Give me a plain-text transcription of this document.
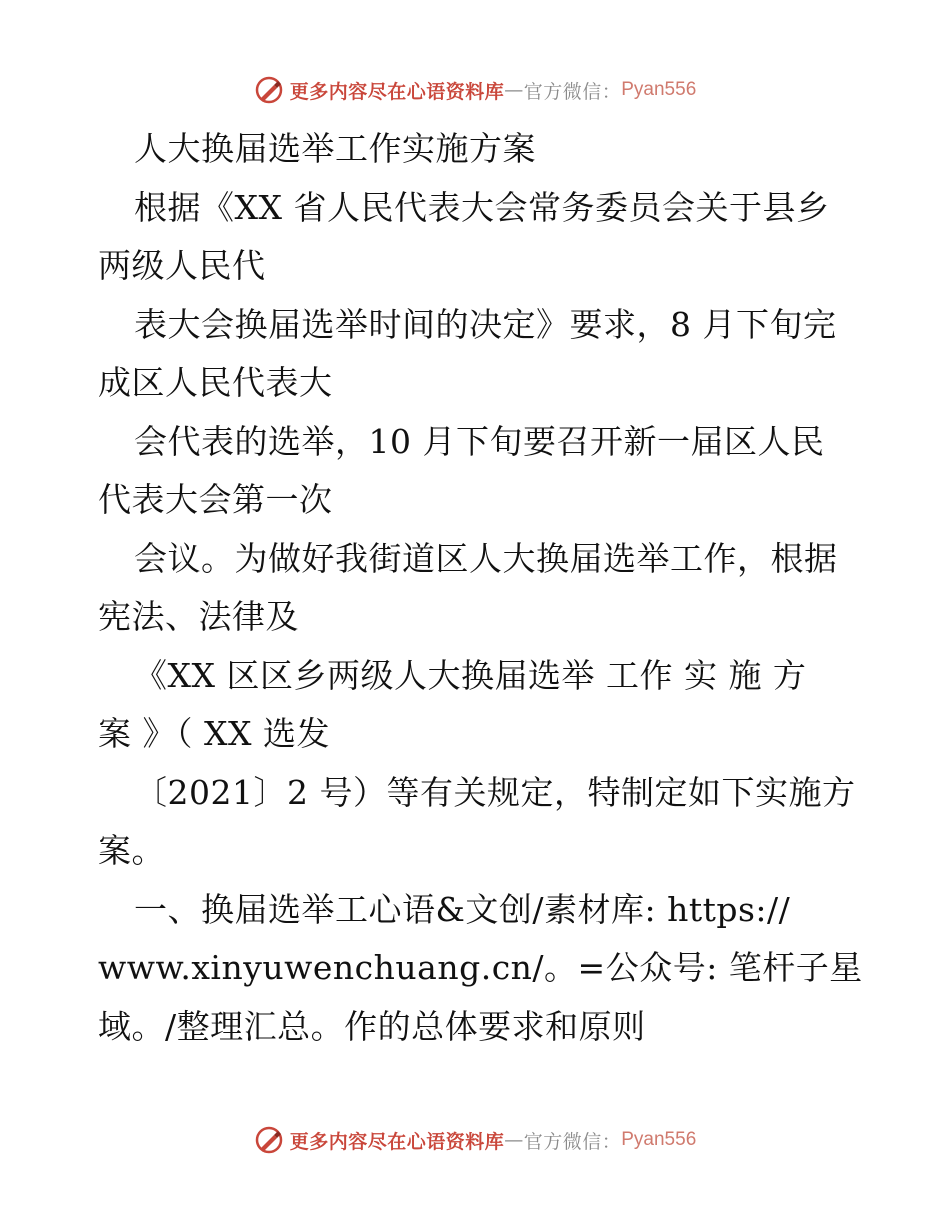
更多内容尽在心语资料库 — 官方微信： Pyan556
人大换届选举工作实施方案
根据《XX 省人民代表大会常务委员会关于县乡
两级人民代
表大会换届选举时间的决定》要求，8 月下旬完
成区人民代表大
会代表的选举，10 月下旬要召开新一届区人民
代表大会第一次
会议。为做好我街道区人大换届选举工作，根据
宪法、法律及
《XX 区区乡两级人大换届选举 工作 实 施 方
案 》（ XX 选发
〔2021〕2 号）等有关规定，特制定如下实施方
案。
一、换届选举工心语&文创/素材库: https://
www.xinyuwenchuang.cn/。=公众号: 笔杆子星
域。/整理汇总。作的总体要求和原则
更多内容尽在心语资料库 — 官方微信： Pyan556
